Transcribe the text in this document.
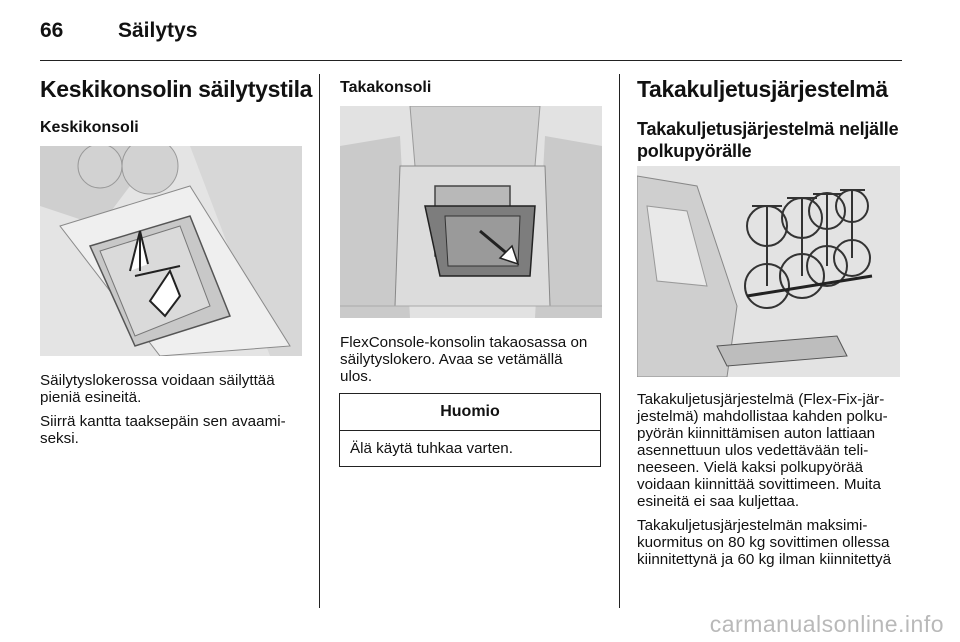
66	Säilytys
Keskikonsolin säilytystila
Keskikonsoli

Säilytyslokerossa voidaan säilyttää
pieniä esineitä.

Siirrä kantta taaksepäin sen avaami-
seksi.

Takakonsoli

FlexConsole-konsolin takaosassa on
säilytyslokero. Avaa se vetämällä
ulos.

Huomio
Älä käytä tuhkaa varten.
Takakuljetusjärjestelmä
Takakuljetusjärjestelmä neljälle
polkupyörälle

Takakuljetusjärjestelmä (Flex-Fix-jär-
jestelmä) mahdollistaa kahden polku-
pyörän kiinnittämisen auton lattiaan
asennettuun ulos vedettävään teli-
neeseen. Vielä kaksi polkupyörää
voidaan kiinnittää sovittimeen. Muita
esineitä ei saa kuljettaa.

Takakuljetusjärjestelmän maksimi-
kuormitus on 80 kg sovittimen ollessa
kiinnitettynä ja 60 kg ilman kiinnitettyä

carmanualsonline.info
